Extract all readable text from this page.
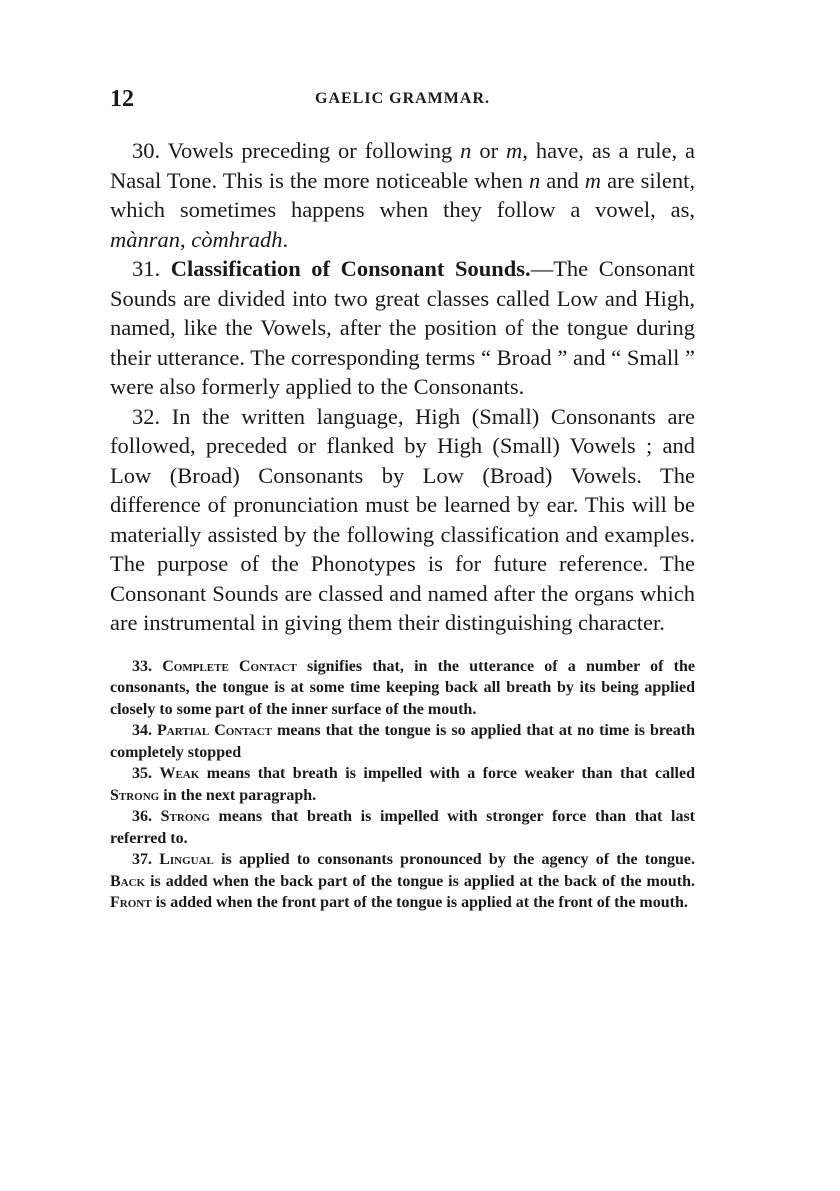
12	GAELIC GRAMMAR.

30. Vowels preceding or following n or m, have, as a rule, a Nasal Tone. This is the more noticeable when n and m are silent, which sometimes happens when they follow a vowel, as, mànran, còmhradh.

31. Classification of Consonant Sounds.—The Consonant Sounds are divided into two great classes called Low and High, named, like the Vowels, after the position of the tongue during their utterance. The corresponding terms “ Broad ” and “ Small ” were also formerly applied to the Consonants.

32. In the written language, High (Small) Consonants are followed, preceded or flanked by High (Small) Vowels ; and Low (Broad) Consonants by Low (Broad) Vowels. The difference of pronunciation must be learned by ear. This will be materially assisted by the following classification and examples. The purpose of the Phonotypes is for future reference. The Consonant Sounds are classed and named after the organs which are instrumental in giving them their distinguishing character.

33. Complete Contact signifies that, in the utterance of a number of the consonants, the tongue is at some time keeping back all breath by its being applied closely to some part of the inner surface of the mouth.

34. Partial Contact means that the tongue is so applied that at no time is breath completely stopped

35. Weak means that breath is impelled with a force weaker than that called Strong in the next paragraph.

36. Strong means that breath is impelled with stronger force than that last referred to.

37. Lingual is applied to consonants pronounced by the agency of the tongue. Back is added when the back part of the tongue is applied at the back of the mouth. Front is added when the front part of the tongue is applied at the front of the mouth.
